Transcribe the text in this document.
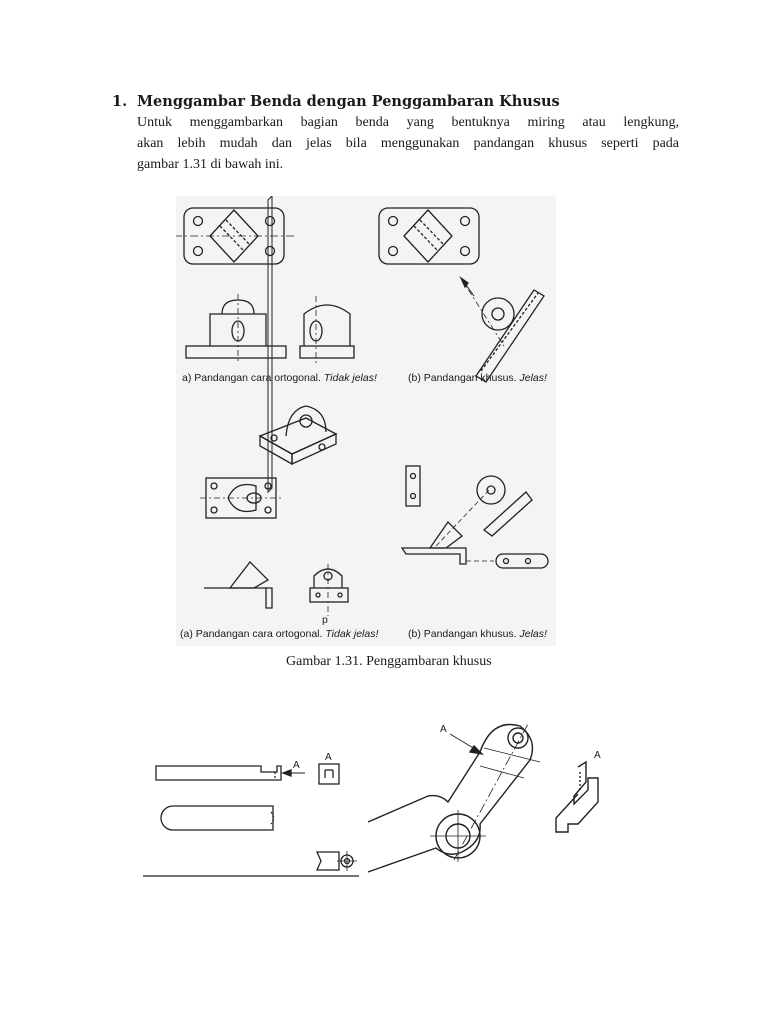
1. Menggambar Benda dengan Penggambaran Khusus
Untuk menggambarkan bagian benda yang bentuknya miring atau lengkung,
akan lebih mudah dan jelas bila menggunakan pandangan khusus seperti pada
gambar 1.31 di bawah ini.
a) Pandangan cara ortogonal. Tidak jelas!	(b) Pandangan khusus. Jelas!
p
(a) Pandangan cara ortogonal. Tidak jelas!	(b) Pandangan khusus. Jelas!
Gambar 1.31. Penggambaran khusus
A
A
A
A
